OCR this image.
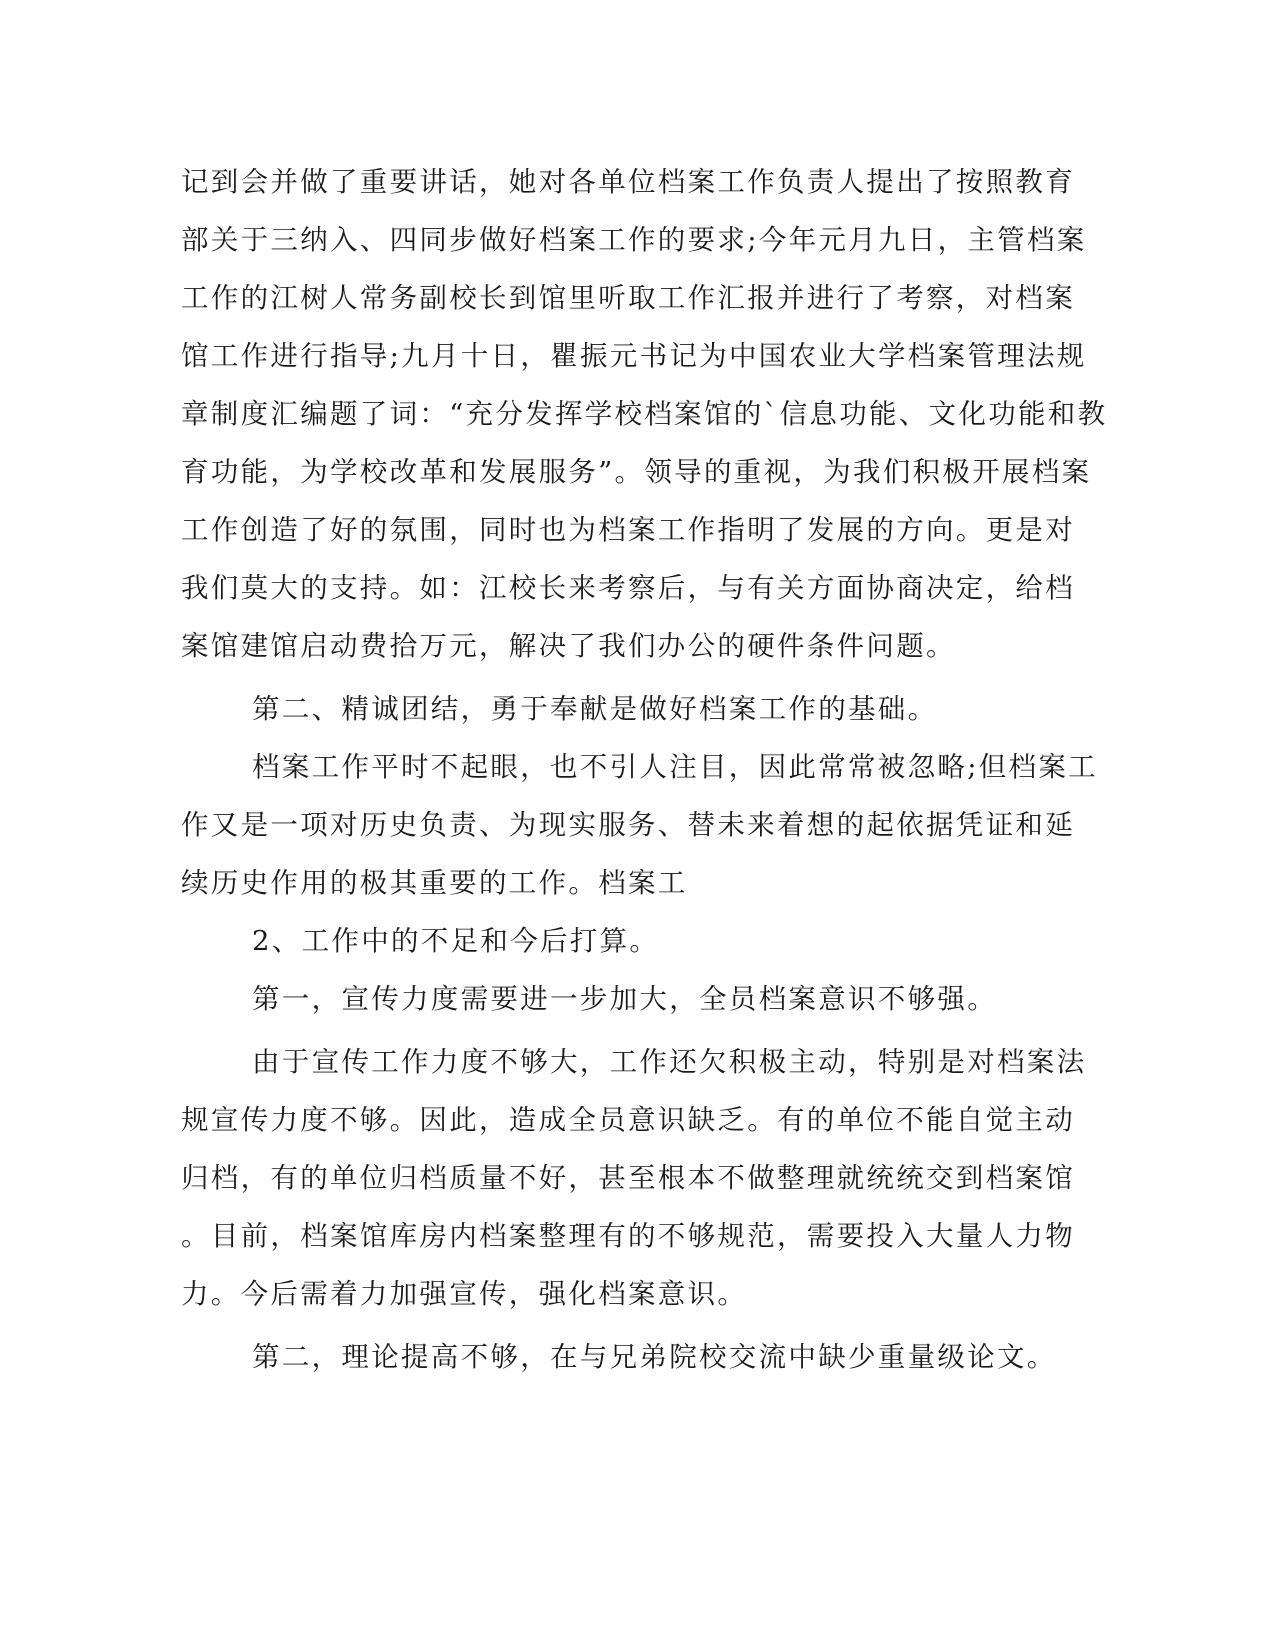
记到会并做了重要讲话，她对各单位档案工作负责人提出了按照教育

部关于三纳入、四同步做好档案工作的要求;今年元月九日，主管档案

工作的江树人常务副校长到馆里听取工作汇报并进行了考察，对档案

馆工作进行指导;九月十日，瞿振元书记为中国农业大学档案管理法规

章制度汇编题了词：“充分发挥学校档案馆的`信息功能、文化功能和教

育功能，为学校改革和发展服务”。领导的重视，为我们积极开展档案

工作创造了好的氛围，同时也为档案工作指明了发展的方向。更是对

我们莫大的支持。如：江校长来考察后，与有关方面协商决定，给档

案馆建馆启动费拾万元，解决了我们办公的硬件条件问题。

第二、精诚团结，勇于奉献是做好档案工作的基础。

档案工作平时不起眼，也不引人注目，因此常常被忽略;但档案工

作又是一项对历史负责、为现实服务、替未来着想的起依据凭证和延

续历史作用的极其重要的工作。档案工

2、工作中的不足和今后打算。

第一，宣传力度需要进一步加大，全员档案意识不够强。

由于宣传工作力度不够大，工作还欠积极主动，特别是对档案法

规宣传力度不够。因此，造成全员意识缺乏。有的单位不能自觉主动

归档，有的单位归档质量不好，甚至根本不做整理就统统交到档案馆

。目前，档案馆库房内档案整理有的不够规范，需要投入大量人力物

力。今后需着力加强宣传，强化档案意识。

第二，理论提高不够，在与兄弟院校交流中缺少重量级论文。
